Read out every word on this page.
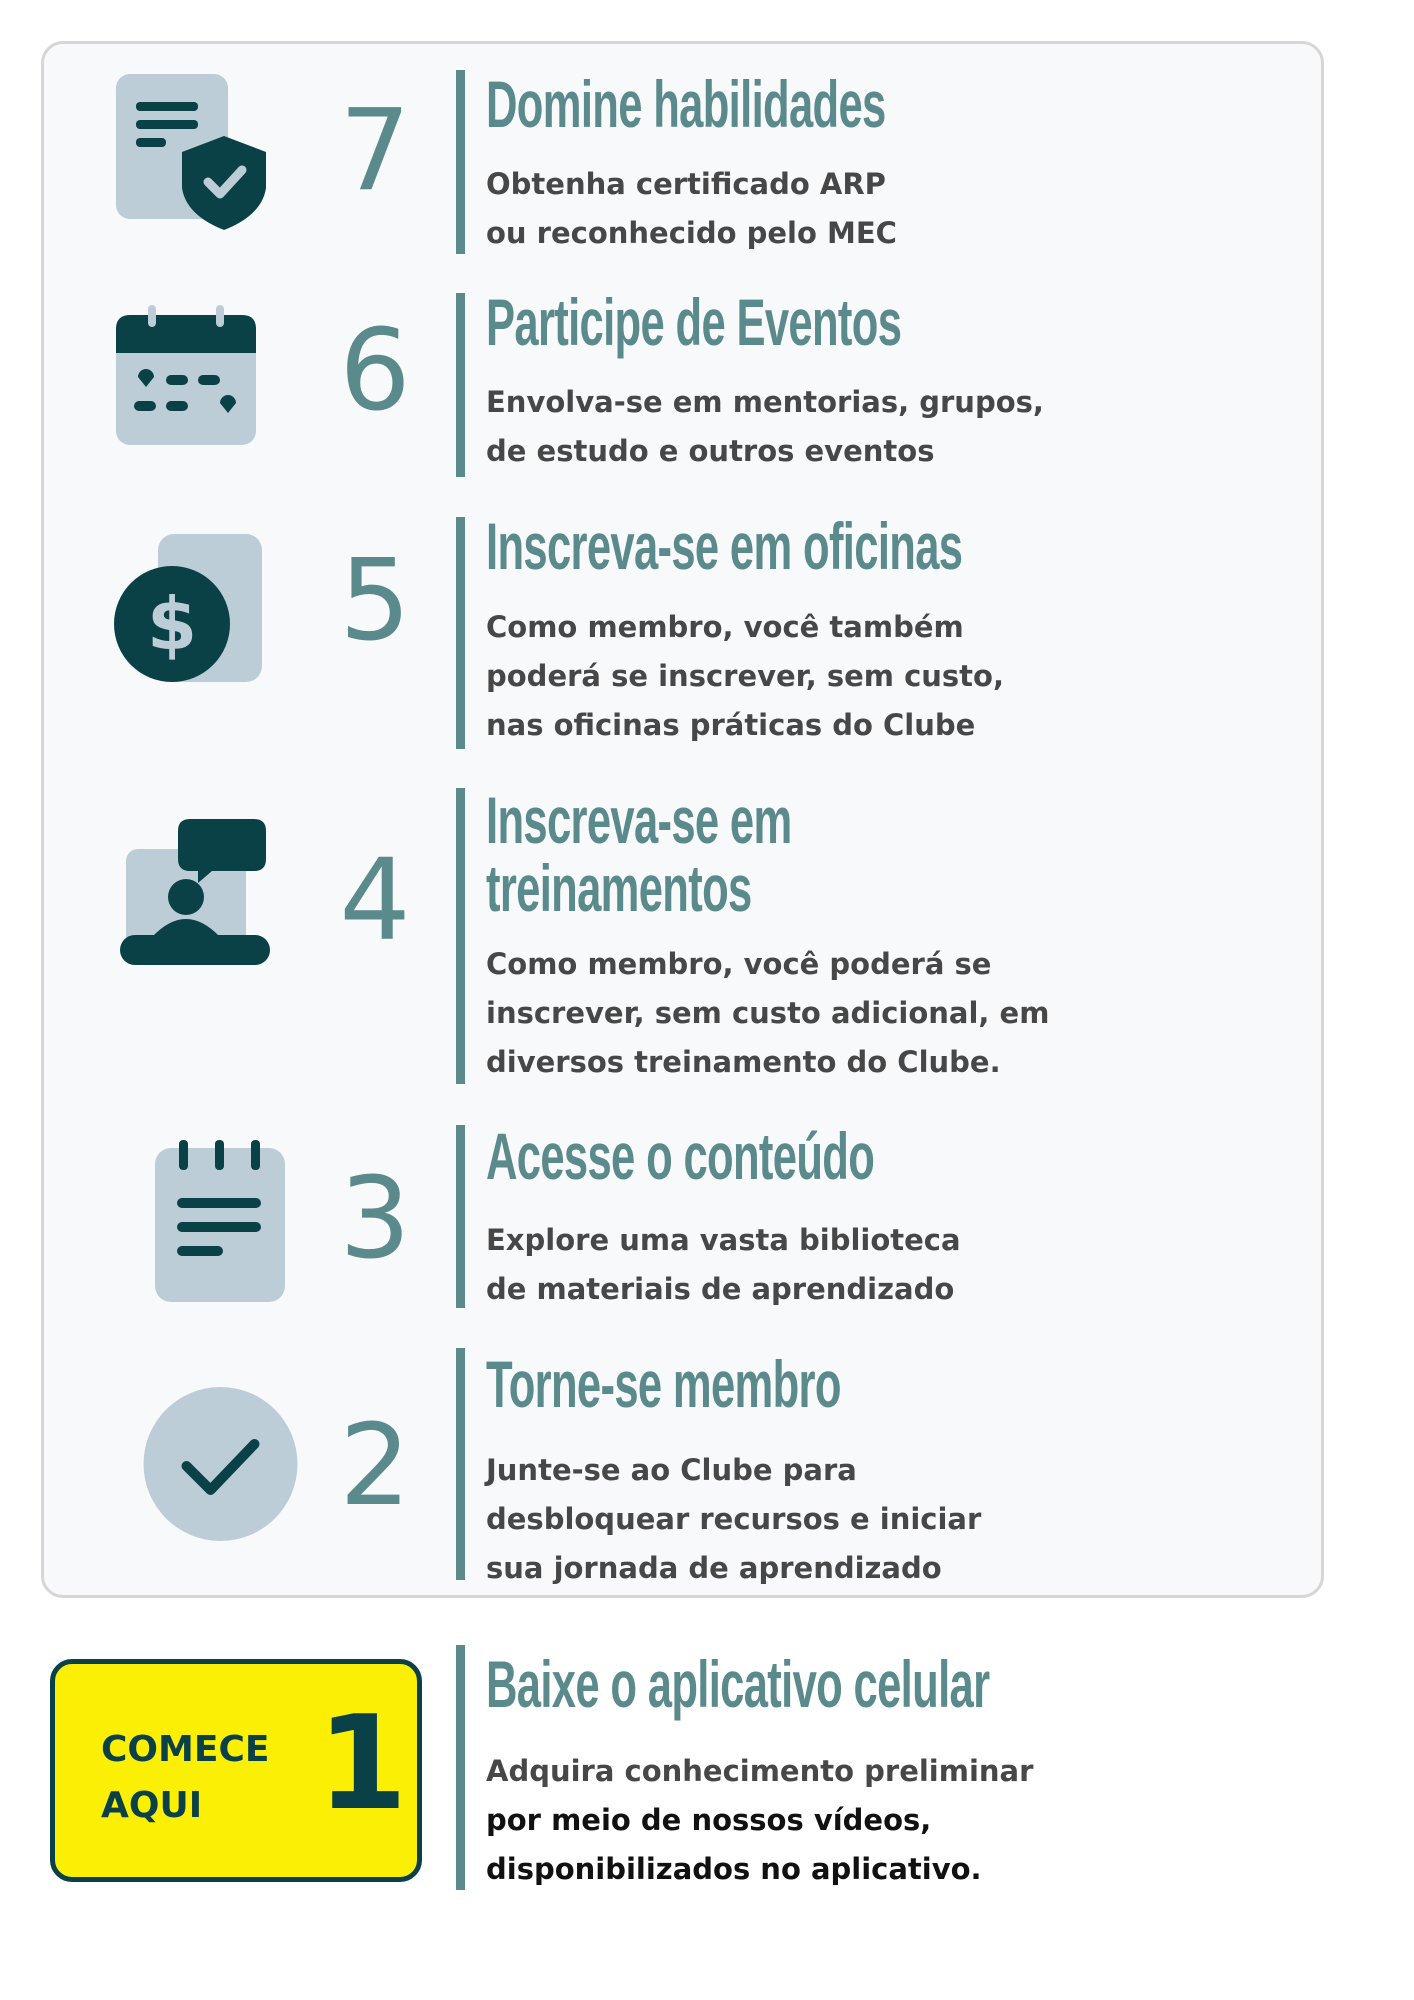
7 Domine habilidades
Obtenha certificado ARP
ou reconhecido pelo MEC
6 Participe de Eventos
Envolva-se em mentorias, grupos,
de estudo e outros eventos
$ 5 Inscreva-se em oficinas
Como membro, você também
poderá se inscrever, sem custo,
nas oficinas práticas do Clube
4
Inscreva-se em
treinamentos
Como membro, você poderá se
inscrever, sem custo adicional, em
diversos treinamento do Clube.
3 Acesse o conteúdo
Explore uma vasta biblioteca
de materiais de aprendizado
2
Torne-se membro
Junte-se ao Clube para
desbloquear recursos e iniciar
sua jornada de aprendizado
COMECE
AQUI 1
Baixe o aplicativo celular
Adquira conhecimento preliminar
por meio de nossos vídeos,
disponibilizados no aplicativo.
